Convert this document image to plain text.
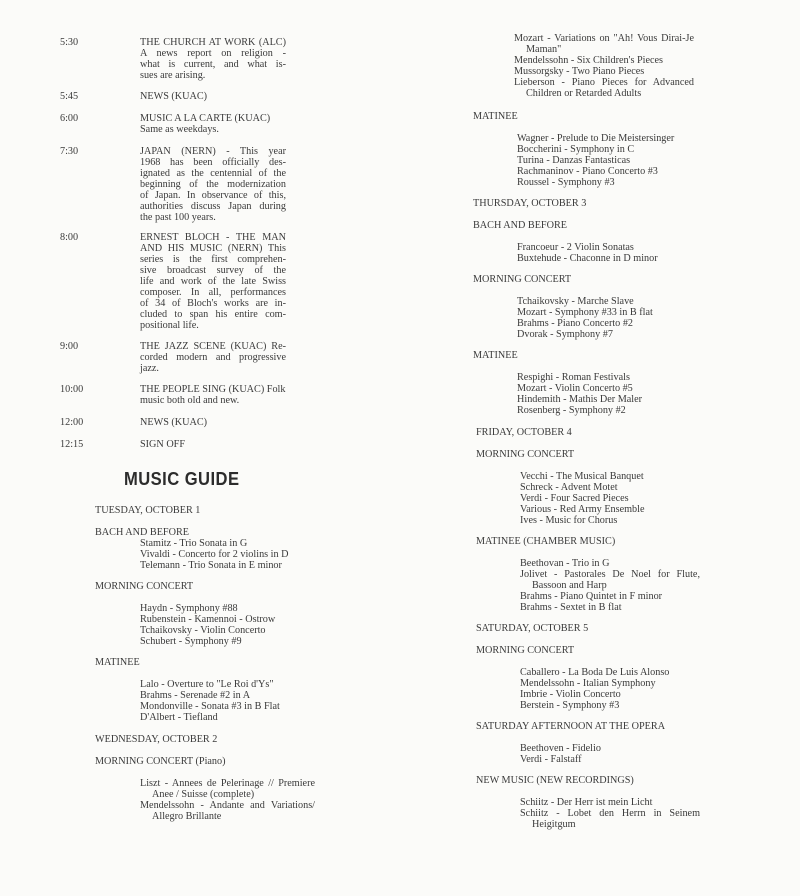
5:30	THE CHURCH AT WORK (ALC)

A news report on religion -

what is current, and what is-

sues are arising.

5:45	NEWS (KUAC)

6:00	MUSIC A LA CARTE (KUAC)

Same as weekdays.

7:30	JAPAN (NERN) - This year

1968 has been officially des-

ignated as the centennial of the

beginning of the modernization

of Japan. In observance of this,

authorities discuss Japan during

the past 100 years.

8:00	ERNEST BLOCH - THE MAN

AND HIS MUSIC (NERN) This

series is the first comprehen-

sive broadcast survey of the

life and work of the late Swiss

composer. In all, performances

of 34 of Bloch's works are in-

cluded to span his entire com-

positional life.

9:00	THE JAZZ SCENE (KUAC) Re-

corded modern and progressive

jazz.

10:00	THE PEOPLE SING (KUAC) Folk

music both old and new.

12:00	NEWS (KUAC)

12:15	SIGN OFF

MUSIC GUIDE
TUESDAY, OCTOBER 1
BACH AND BEFORE
Stamitz - Trio Sonata in G
Vivaldi - Concerto for 2 violins in D
Telemann - Trio Sonata in E minor
MORNING CONCERT
Haydn - Symphony #88
Rubenstein - Kamennoi - Ostrow
Tchaikovsky - Violin Concerto
Schubert - Symphony #9
MATINEE
Lalo - Overture to "Le Roi d'Ys"
Brahms - Serenade #2 in A
Mondonville - Sonata #3 in B Flat
D'Albert - Tiefland
WEDNESDAY, OCTOBER 2
MORNING CONCERT (Piano)
Liszt - Annees de Pelerinage // Premiere Anee / Suisse (complete)
Mendelssohn - Andante and Variations/ Allegro Brillante
Mozart - Variations on "Ah! Vous Dirai-Je Maman"
Mendelssohn - Six Children's Pieces
Mussorgsky - Two Piano Pieces
Lieberson - Piano Pieces for Advanced Children or Retarded Adults
MATINEE
Wagner - Prelude to Die Meistersinger
Boccherini - Symphony in C
Turina - Danzas Fantasticas
Rachmaninov - Piano Concerto #3
Roussel - Symphony #3
THURSDAY, OCTOBER 3
BACH AND BEFORE
Francoeur - 2 Violin Sonatas
Buxtehude - Chaconne in D minor
MORNING CONCERT
Tchaikovsky - Marche Slave
Mozart - Symphony #33 in B flat
Brahms - Piano Concerto #2
Dvorak - Symphony #7
MATINEE
Respighi - Roman Festivals
Mozart - Violin Concerto #5
Hindemith - Mathis Der Maler
Rosenberg - Symphony #2
FRIDAY, OCTOBER 4
MORNING CONCERT
Vecchi - The Musical Banquet
Schreck - Advent Motet
Verdi - Four Sacred Pieces
Various - Red Army Ensemble
Ives - Music for Chorus
MATINEE (CHAMBER MUSIC)
Beethovan - Trio in G
Jolivet - Pastorales De Noel for Flute, Bassoon and Harp
Brahms - Piano Quintet in F minor
Brahms - Sextet in B flat
SATURDAY, OCTOBER 5
MORNING CONCERT
Caballero - La Boda De Luis Alonso
Mendelssohn - Italian Symphony
Imbrie - Violin Concerto
Berstein - Symphony #3
SATURDAY AFTERNOON AT THE OPERA
Beethoven - Fidelio
Verdi - Falstaff
NEW MUSIC (NEW RECORDINGS)
Schiitz - Der Herr ist mein Licht
Schiitz - Lobet den Herrn in Seinem Heigitgum
